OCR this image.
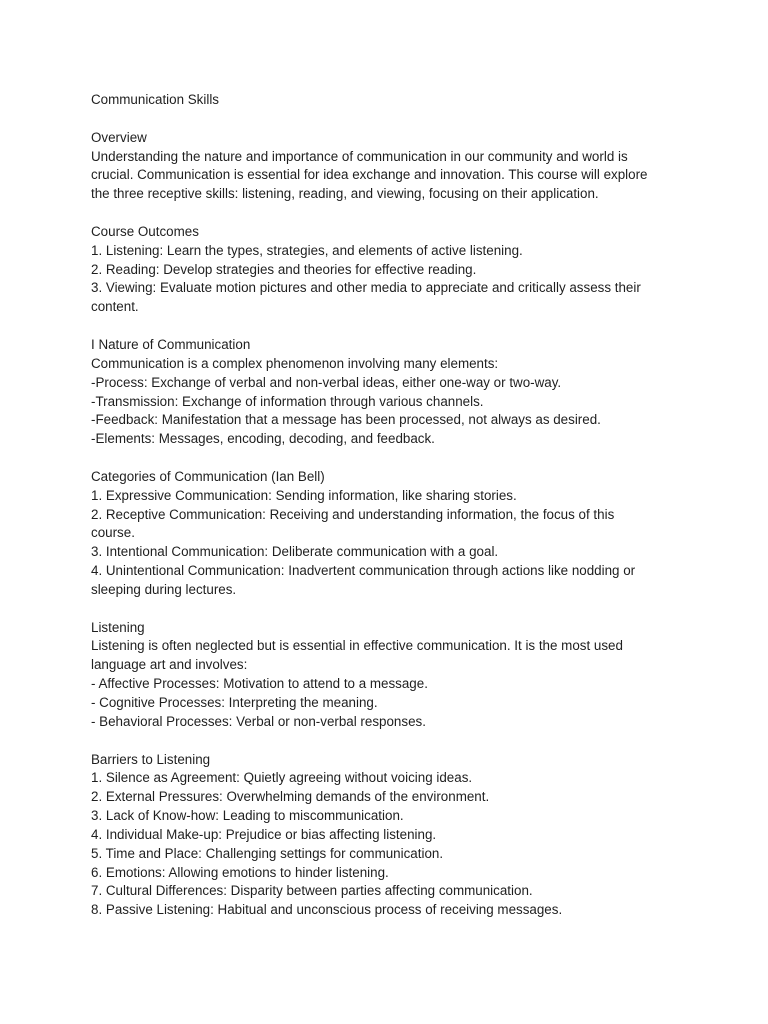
Communication Skills
Overview
Understanding the nature and importance of communication in our community and world is
crucial. Communication is essential for idea exchange and innovation. This course will explore
the three receptive skills: listening, reading, and viewing, focusing on their application.
Course Outcomes
1. Listening: Learn the types, strategies, and elements of active listening.
2. Reading: Develop strategies and theories for effective reading.
3. Viewing: Evaluate motion pictures and other media to appreciate and critically assess their
content.
I Nature of Communication
Communication is a complex phenomenon involving many elements:
-Process: Exchange of verbal and non-verbal ideas, either one-way or two-way.
-Transmission: Exchange of information through various channels.
-Feedback: Manifestation that a message has been processed, not always as desired.
-Elements: Messages, encoding, decoding, and feedback.
Categories of Communication (Ian Bell)
1. Expressive Communication: Sending information, like sharing stories.
2. Receptive Communication: Receiving and understanding information, the focus of this
course.
3. Intentional Communication: Deliberate communication with a goal.
4. Unintentional Communication: Inadvertent communication through actions like nodding or
sleeping during lectures.
Listening
Listening is often neglected but is essential in effective communication. It is the most used
language art and involves:
- Affective Processes: Motivation to attend to a message.
- Cognitive Processes: Interpreting the meaning.
- Behavioral Processes: Verbal or non-verbal responses.
Barriers to Listening
1. Silence as Agreement: Quietly agreeing without voicing ideas.
2. External Pressures: Overwhelming demands of the environment.
3. Lack of Know-how: Leading to miscommunication.
4. Individual Make-up: Prejudice or bias affecting listening.
5. Time and Place: Challenging settings for communication.
6. Emotions: Allowing emotions to hinder listening.
7. Cultural Differences: Disparity between parties affecting communication.
8. Passive Listening: Habitual and unconscious process of receiving messages.
